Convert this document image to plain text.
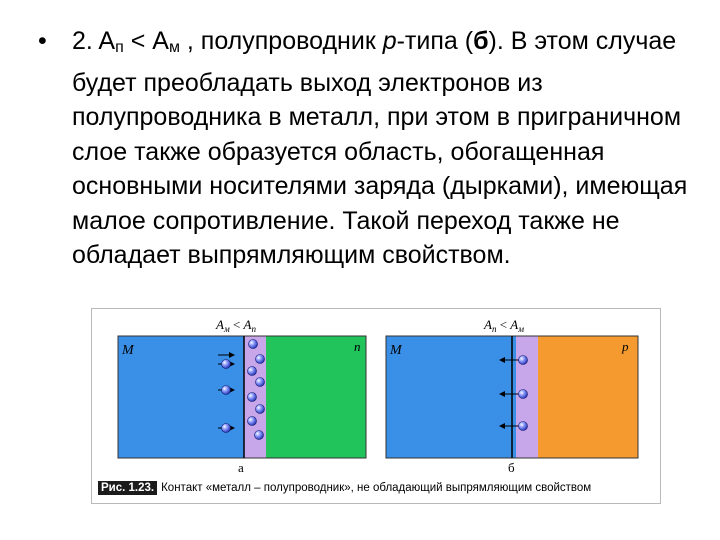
• 2. Aп < Aм , полупроводник p-типа (б). В этом случае будет преобладать выход электронов из полупроводника в металл, при этом в приграничном слое также образуется область, обогащенная основными носителями заряда (дырками), имеющая малое сопротивление. Такой переход также не обладает выпрямляющим свойством.
$A_м < A_п$
M	n
a
$A_п < A_м$
M	p
б
Рис. 1.23. Контакт «металл – полупроводник», не обладающий выпрямляющим свойством
